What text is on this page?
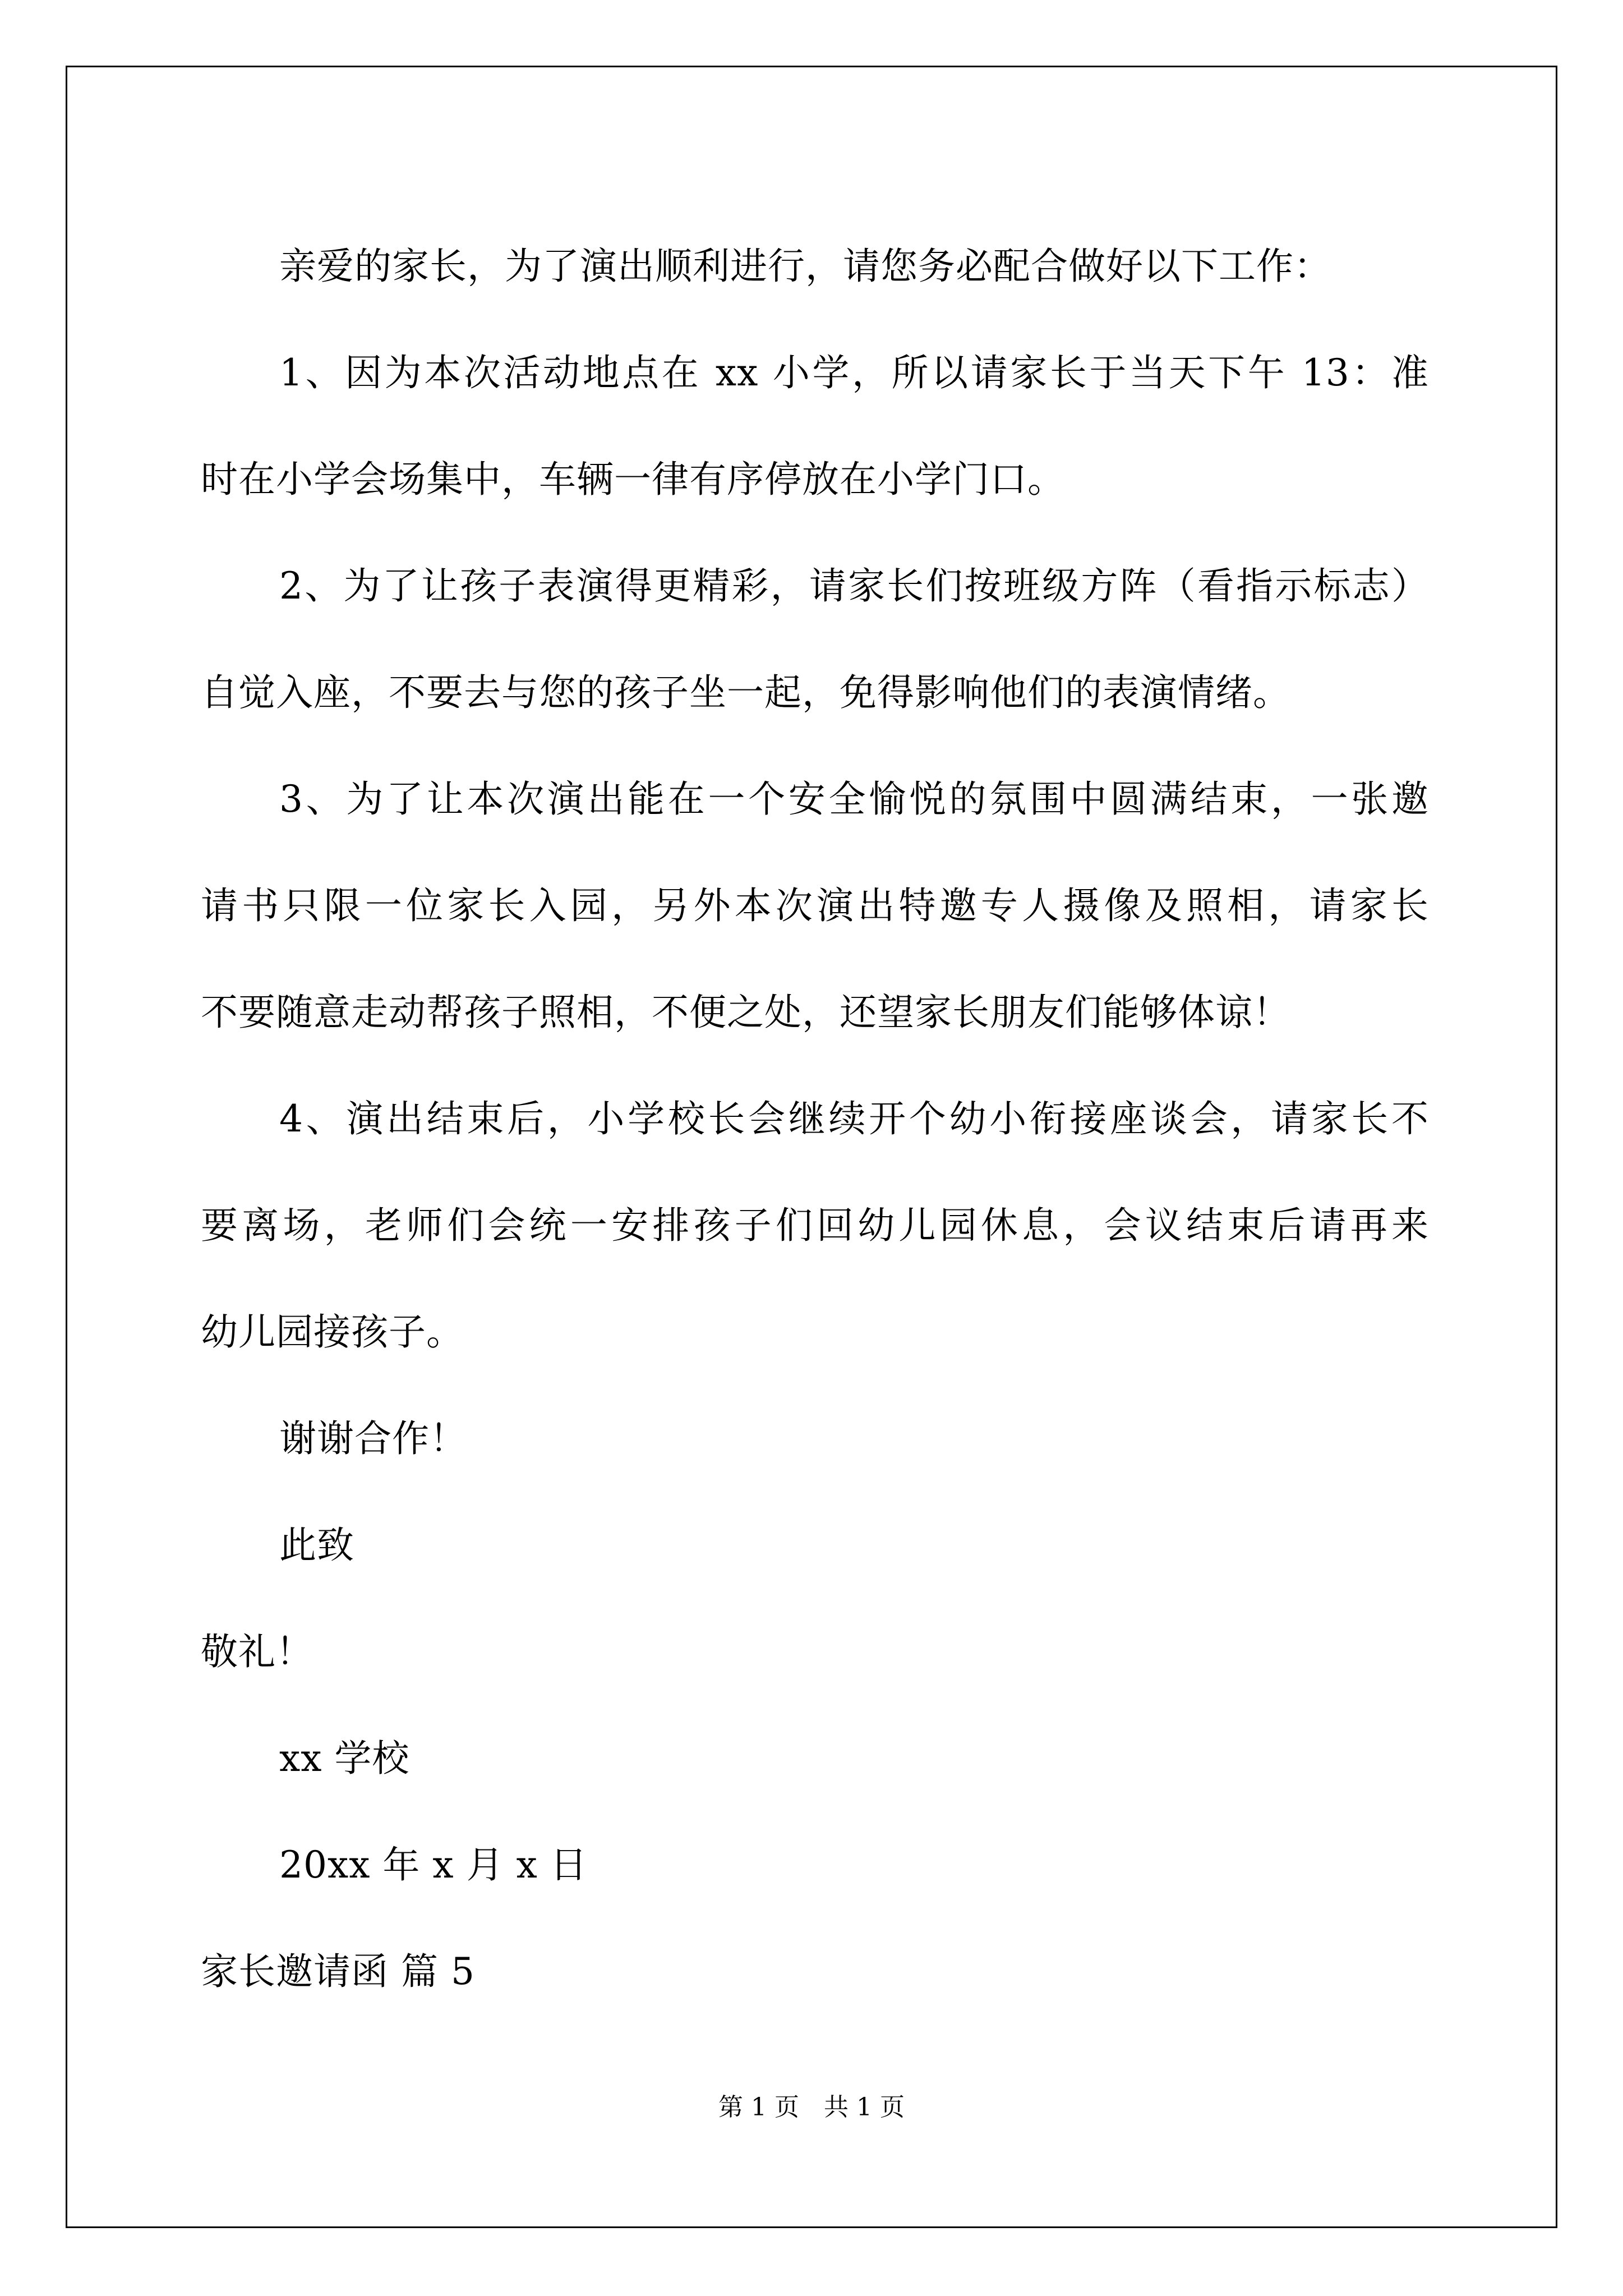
亲爱的家长，为了演出顺利进行，请您务必配合做好以下工作：
1、因为本次活动地点在 xx 小学，所以请家长于当天下午 13：准
时在小学会场集中，车辆一律有序停放在小学门口。
2、为了让孩子表演得更精彩，请家长们按班级方阵（看指示标志）
自觉入座，不要去与您的孩子坐一起，免得影响他们的表演情绪。
3、为了让本次演出能在一个安全愉悦的氛围中圆满结束，一张邀
请书只限一位家长入园，另外本次演出特邀专人摄像及照相，请家长
不要随意走动帮孩子照相，不便之处，还望家长朋友们能够体谅！
4、演出结束后，小学校长会继续开个幼小衔接座谈会，请家长不
要离场，老师们会统一安排孩子们回幼儿园休息，会议结束后请再来
幼儿园接孩子。
谢谢合作！
此致
敬礼！
xx 学校
20xx 年 x 月 x 日
家长邀请函 篇 5
第 1 页　共 1 页
